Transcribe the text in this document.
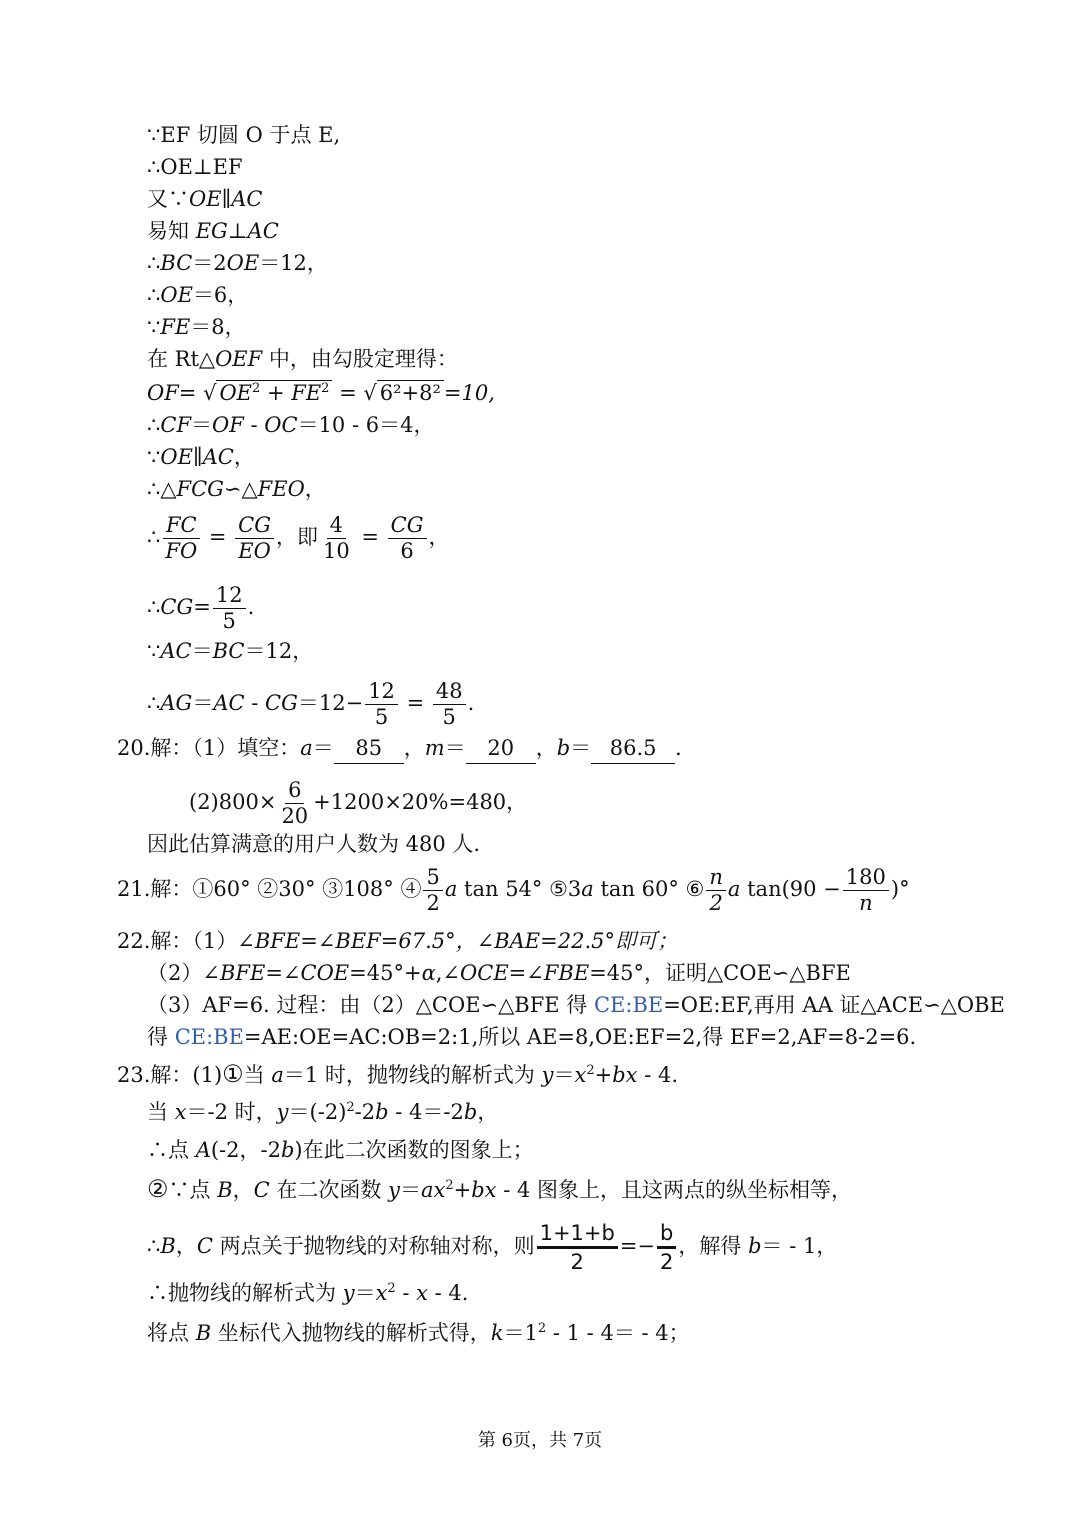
∵EF 切圆 O 于点 E,
∴OE⊥EF
又∵OE∥AC
易知 EG⊥AC
∴BC＝2OE＝12，
∴OE＝6，
∵FE＝8，
在 Rt△OEF 中，由勾股定理得：
OF= √ $OE^2 + FE^2$ = √ 6²+8² =10,
∴CF＝OF - OC＝10 - 6＝4，
∵OE∥AC，
∴△FCG∽△FEO，
∴ $\frac{FC}{FO} = \frac{CG}{EO}$ ，即 $\frac{4}{10} = \frac{CG}{6}$ ，
∴CG= $\frac{12}{5}$ .
∵AC＝BC＝12，
∴AG＝AC - $CG=12- \frac{12}{5} = \frac{48}{5}$ .
20.解：（1）填空：a＝ 85 ，m＝ 20 ，b＝ 86.5 ．
$(2)800\times \frac{6}{20} +1200\times 20\%=480$，
因此估算满意的用户人数为 480 人.
21.解：①60° ②30° ③108° ④ $\frac{5}{2}$ a tan 54° ⑤3a tan 60° ⑥ $\frac{n}{2}$ a $\tan(90 - \frac{180}{n}$ )°
22.解：（1）∠BFE=∠BEF=67.5°，∠BAE=22.5°即可；
（2）∠BFE=∠COE=45°+α,∠OCE=∠FBE=45°，证明△COE∽△BFE
（3）AF=6. 过程：由（2）△COE∽△BFE 得 CE:BE=OE:EF,再用 AA 证△ACE∽△OBE
得 CE:BE=AE:OE=AC:OB=2:1,所以 AE=8,OE:EF=2,得 EF=2,AF=8-2=6.
23.解：(1)①当 a＝1 时，抛物线的解析式为 $y=x^2+bx - 4$.
当 x＝-2 时，$y=(-2)^2-2b - 4=-2b$，
∴点 A(-2，-2b)在此二次函数的图象上；
②∵点 B，C 在二次函数 $y=ax^2+bx - 4$ 图象上，且这两点的纵坐标相等，
∴B，C 两点关于抛物线的对称轴对称，则 $\frac{1+1+b}{2} =- \frac{b}{2}$ ，解得 b＝ - 1，
∴抛物线的解析式为 $y=x^2 - x - 4$.
将点 B 坐标代入抛物线的解析式得，$k=1^2 - 1 - 4= - 4$；
第 6页，共 7页
